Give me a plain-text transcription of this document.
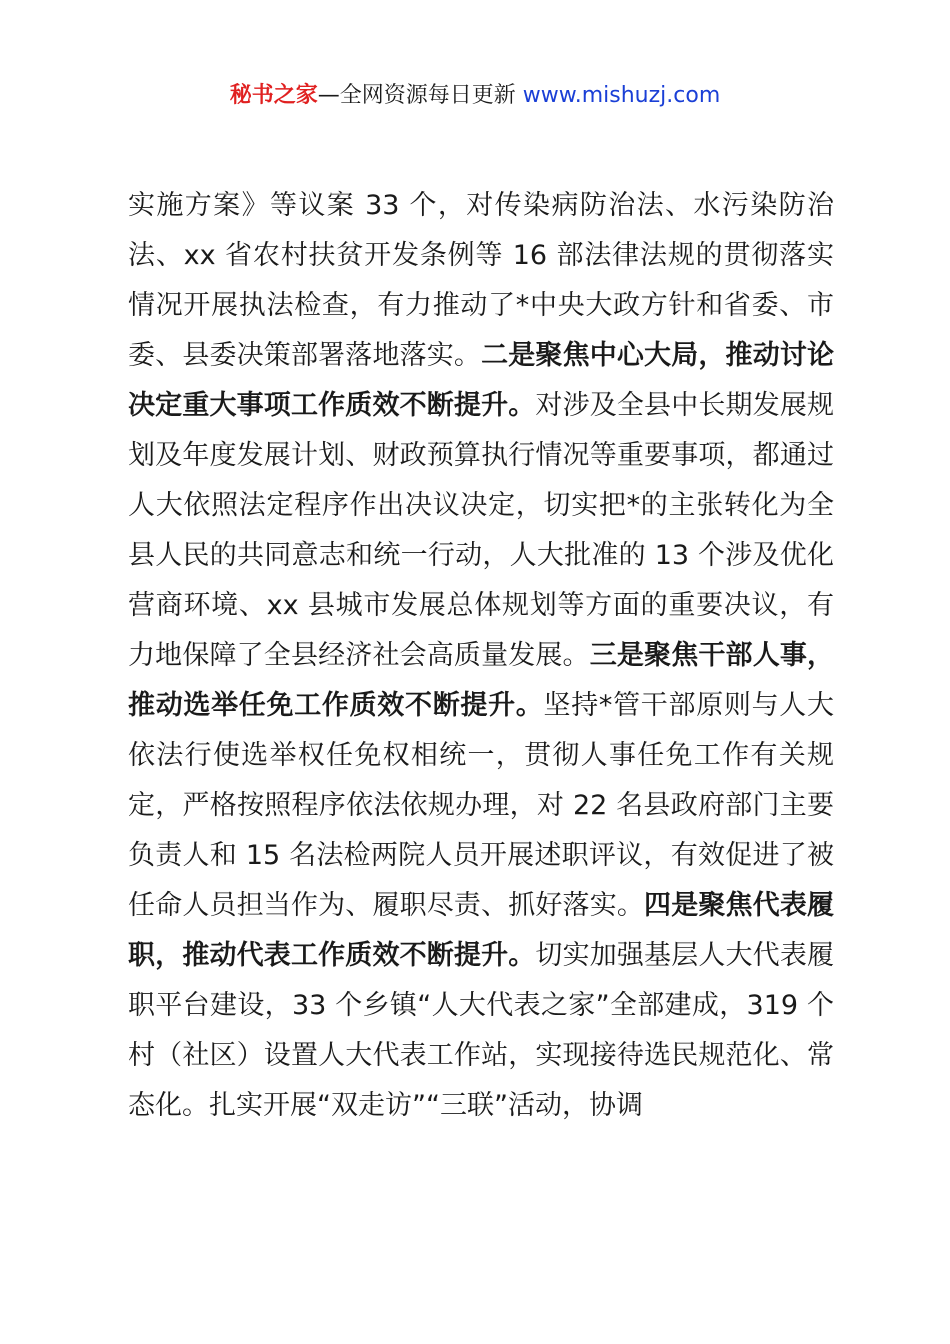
秘书之家—全网资源每日更新 www.mishuzj.com

实施方案》等议案 33 个，对传染病防治法、水污染防治法、xx 省农村扶贫开发条例等 16 部法律法规的贯彻落实情况开展执法检查，有力推动了*中央大政方针和省委、市委、县委决策部署落地落实。二是聚焦中心大局，推动讨论决定重大事项工作质效不断提升。对涉及全县中长期发展规划及年度发展计划、财政预算执行情况等重要事项，都通过人大依照法定程序作出决议决定，切实把*的主张转化为全县人民的共同意志和统一行动，人大批准的 13 个涉及优化营商环境、xx 县城市发展总体规划等方面的重要决议，有力地保障了全县经济社会高质量发展。三是聚焦干部人事，推动选举任免工作质效不断提升。坚持*管干部原则与人大依法行使选举权任免权相统一，贯彻人事任免工作有关规定，严格按照程序依法依规办理，对 22 名县政府部门主要负责人和 15 名法检两院人员开展述职评议，有效促进了被任命人员担当作为、履职尽责、抓好落实。四是聚焦代表履职，推动代表工作质效不断提升。切实加强基层人大代表履职平台建设，33 个乡镇“人大代表之家”全部建成，319 个村（社区）设置人大代表工作站，实现接待选民规范化、常态化。扎实开展“双走访”“三联”活动，协调
